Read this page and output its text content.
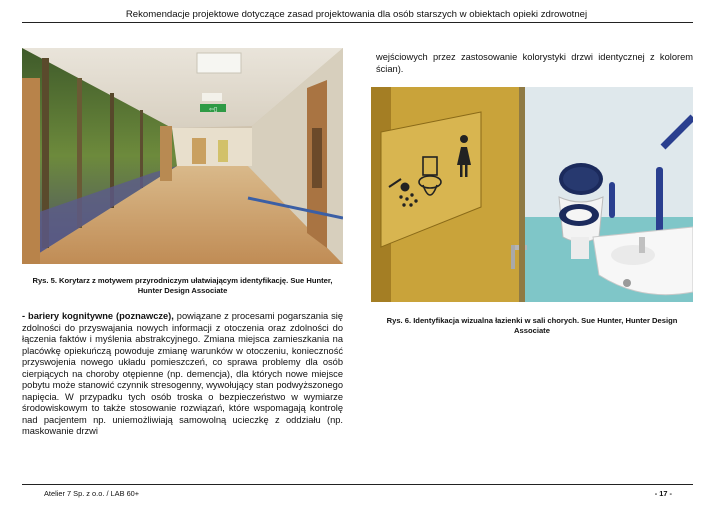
Rekomendacje projektowe dotyczące zasad projektowania dla osób starszych w obiektach opieki zdrowotnej
⇦▯
Rys. 5. Korytarz z motywem przyrodniczym ułatwiającym identyfikację. Sue Hunter, Hunter Design Associate
- bariery kognitywne (poznawcze), powiązane z procesami pogarszania się zdolności do przyswajania nowych informacji z otoczenia oraz zdolności do łączenia faktów i myślenia abstrakcyjnego. Zmiana miejsca zamieszkania na placówkę opiekuńczą powoduje zmianę warunków w otoczeniu, konieczność przyswojenia nowego układu pomieszczeń, co sprawa problemy dla osób cierpiących na choroby otępienne (np. demencja), dla których nowe miejsce pobytu może stanowić czynnik stresogenny, wywołujący stan podwyższonego napięcia. W przypadku tych osób troska o bezpieczeństwo w wymiarze środowiskowym to także stosowanie rozwiązań, które wspomagają kontrolę nad pacjentem np. uniemożliwiają samowolną ucieczkę z oddziału (np. maskowanie drzwi
wejściowych przez zastosowanie kolorystyki drzwi identycznej z kolorem ścian).
Rys. 6. Identyfikacja wizualna łazienki w sali chorych. Sue Hunter, Hunter Design Associate
Atelier 7 Sp. z o.o. / LAB 60+	- 17 -
